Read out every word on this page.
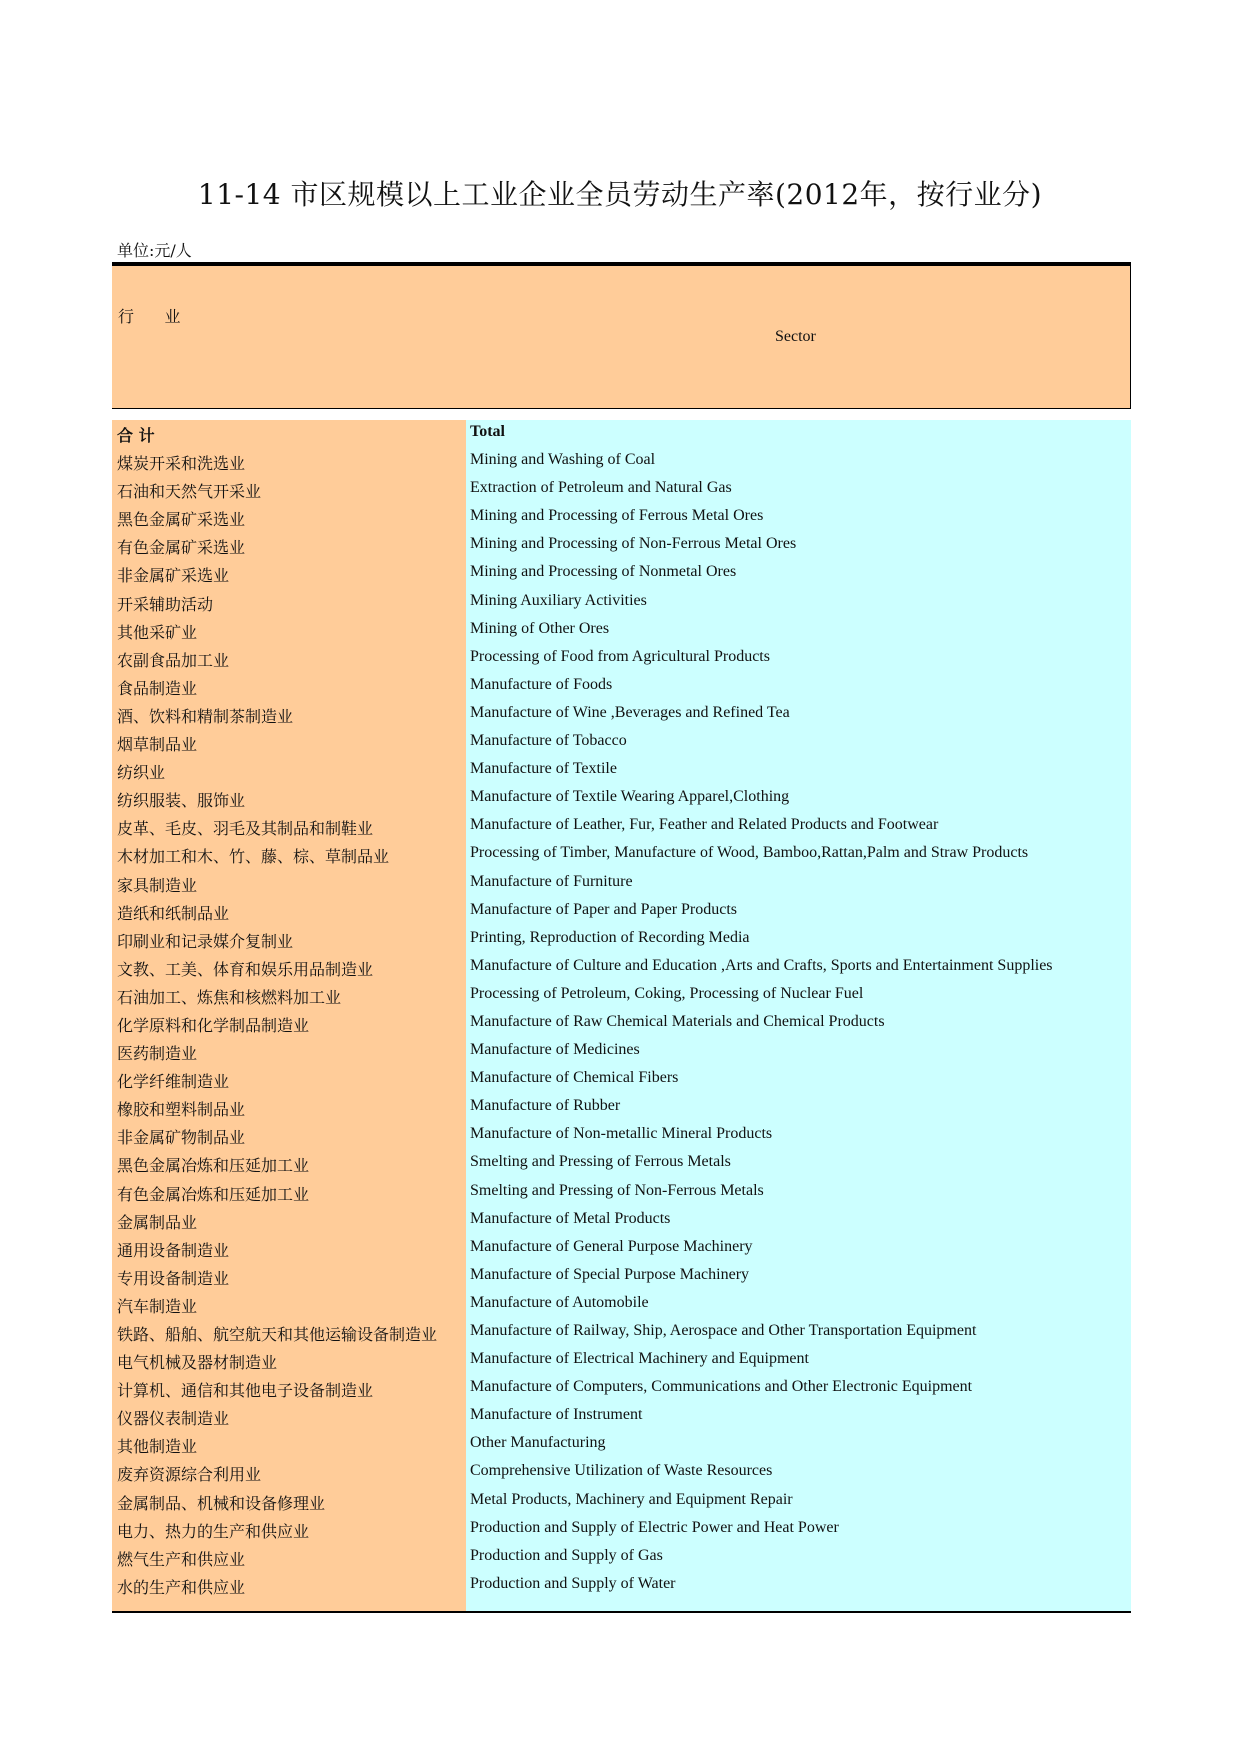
11-14 市区规模以上工业企业全员劳动生产率(2012年，按行业分)
单位:元/人
行      业
Sector
合 计	Total
煤炭开采和洗选业	Mining and Washing of Coal
石油和天然气开采业	Extraction of Petroleum and Natural Gas
黑色金属矿采选业	Mining and Processing of Ferrous Metal Ores
有色金属矿采选业	Mining and Processing of Non-Ferrous Metal Ores
非金属矿采选业	Mining and Processing of Nonmetal Ores
开采辅助活动	Mining Auxiliary Activities
其他采矿业	Mining of Other Ores
农副食品加工业	Processing of Food from Agricultural Products
食品制造业	Manufacture of Foods
酒、饮料和精制茶制造业	Manufacture of Wine ,Beverages and Refined Tea
烟草制品业	Manufacture of Tobacco
纺织业	Manufacture of Textile
纺织服装、服饰业	Manufacture of Textile Wearing Apparel,Clothing
皮革、毛皮、羽毛及其制品和制鞋业	Manufacture of Leather, Fur, Feather and Related Products and Footwear
木材加工和木、竹、藤、棕、草制品业	Processing of Timber, Manufacture of Wood, Bamboo,Rattan,Palm and Straw Products
家具制造业	Manufacture of Furniture
造纸和纸制品业	Manufacture of Paper and Paper Products
印刷业和记录媒介复制业	Printing, Reproduction of Recording Media
文教、工美、体育和娱乐用品制造业	Manufacture of Culture and Education ,Arts and Crafts, Sports and Entertainment Supplies
石油加工、炼焦和核燃料加工业	Processing of Petroleum, Coking, Processing of Nuclear Fuel
化学原料和化学制品制造业	Manufacture of Raw Chemical Materials and Chemical Products
医药制造业	Manufacture of Medicines
化学纤维制造业	Manufacture of Chemical Fibers
橡胶和塑料制品业	Manufacture of Rubber
非金属矿物制品业	Manufacture of Non-metallic Mineral Products
黑色金属冶炼和压延加工业	Smelting and Pressing of Ferrous Metals
有色金属冶炼和压延加工业	Smelting and Pressing of Non-Ferrous Metals
金属制品业	Manufacture of Metal Products
通用设备制造业	Manufacture of General Purpose Machinery
专用设备制造业	Manufacture of Special Purpose Machinery
汽车制造业	Manufacture of Automobile
铁路、船舶、航空航天和其他运输设备制造业 Manufacture of Railway, Ship, Aerospace and Other Transportation Equipment
电气机械及器材制造业	Manufacture of Electrical Machinery and Equipment
计算机、通信和其他电子设备制造业	Manufacture of Computers, Communications and Other Electronic Equipment
仪器仪表制造业	Manufacture of Instrument
其他制造业	Other Manufacturing
废弃资源综合利用业	Comprehensive Utilization of Waste Resources
金属制品、机械和设备修理业	Metal Products, Machinery and Equipment Repair
电力、热力的生产和供应业	Production and Supply of Electric Power and Heat Power
燃气生产和供应业	Production and Supply of Gas
水的生产和供应业	Production and Supply of Water
